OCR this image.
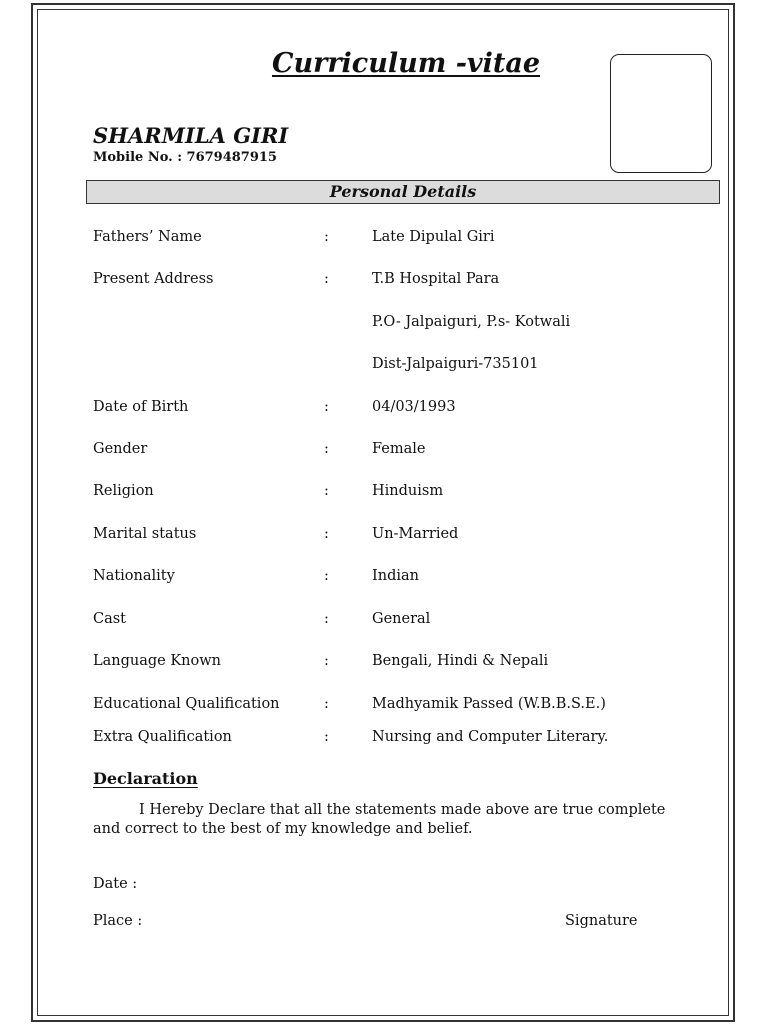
Curriculum -vitae
SHARMILA GIRI
Mobile No. : 7679487915
Personal Details
Fathers’ Name	:	Late Dipulal Giri
Present Address	:	T.B Hospital Para
P.O- Jalpaiguri, P.s- Kotwali
Dist-Jalpaiguri-735101
Date of Birth	:	04/03/1993
Gender	:	Female
Religion	:	Hinduism
Marital status	:	Un-Married
Nationality	:	Indian
Cast	:	General
Language Known	:	Bengali, Hindi & Nepali
Educational Qualification	:	Madhyamik Passed (W.B.B.S.E.)
Extra Qualification	:	Nursing and Computer Literary.
Declaration
I Hereby Declare that all the statements made above are true complete and correct to the best of my knowledge and belief.
Date :
Place :	Signature
